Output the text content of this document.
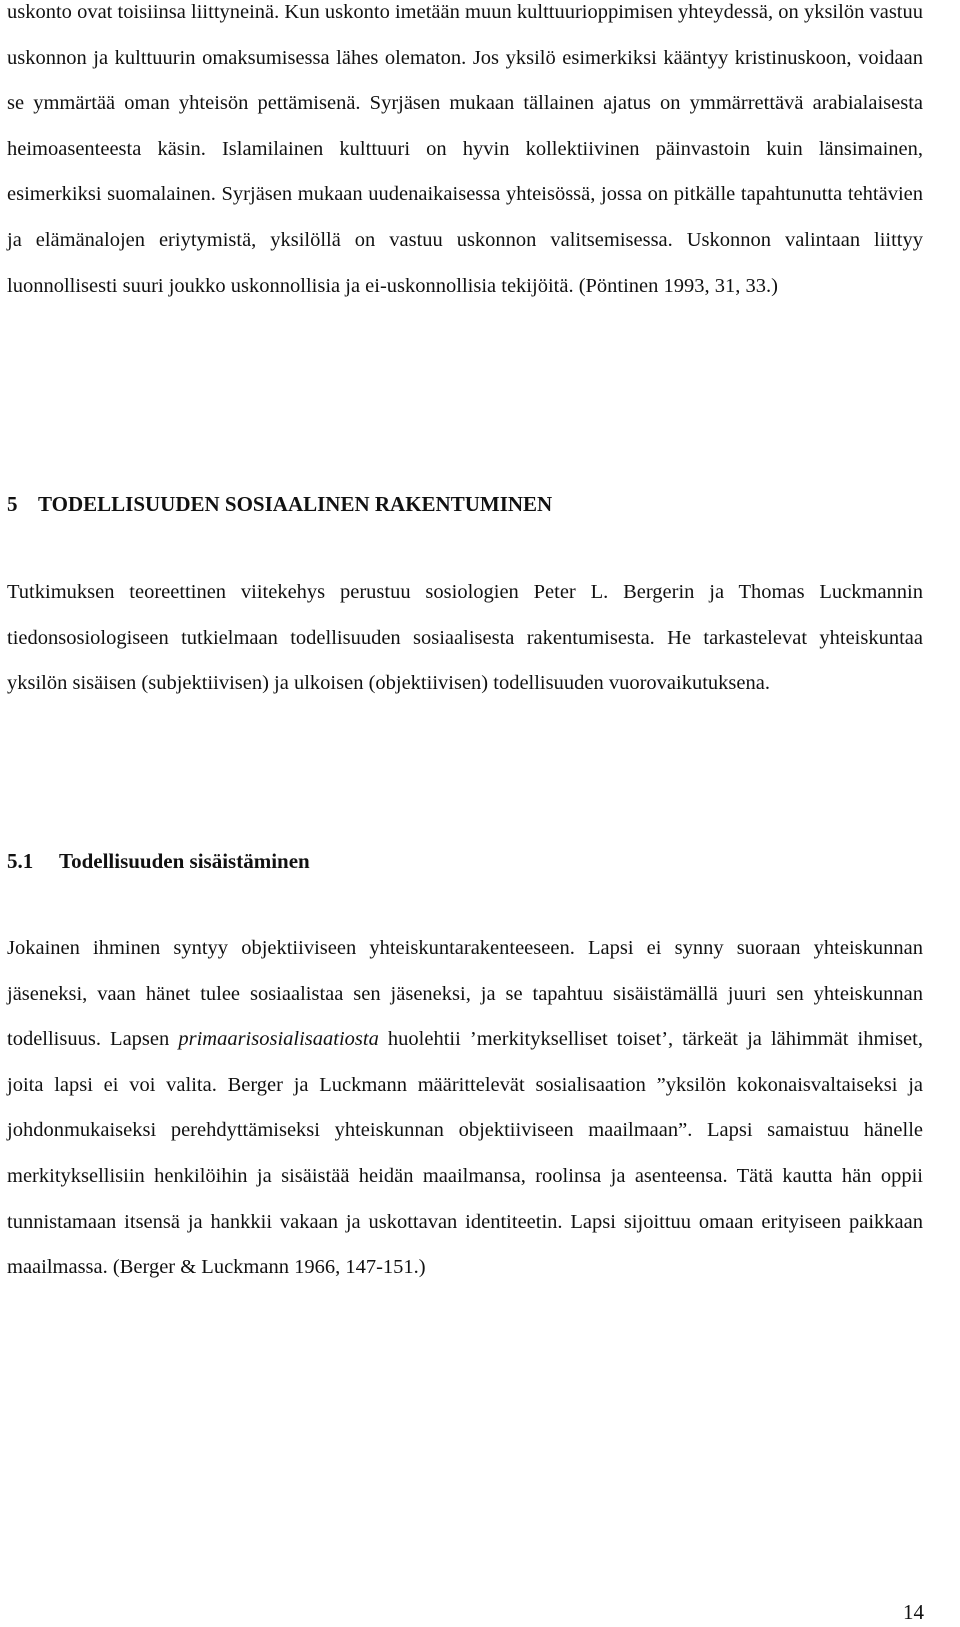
uskonto ovat toisiinsa liittyneinä. Kun uskonto imetään muun kulttuurioppimisen yhteydessä, on yksilön vastuu uskonnon ja kulttuurin omaksumisessa lähes olematon. Jos yksilö esimerkiksi kääntyy kristinuskoon, voidaan se ymmärtää oman yhteisön pettämisenä. Syrjäsen mukaan tällainen ajatus on ymmärrettävä arabialaisesta heimoasenteesta käsin. Islamilainen kulttuuri on hyvin kollektiivinen päinvastoin kuin länsimainen, esimerkiksi suomalainen. Syrjäsen mukaan uudenaikaisessa yhteisössä, jossa on pitkälle tapahtunutta tehtävien ja elämänalojen eriytymistä, yksilöllä on vastuu uskonnon valitsemisessa. Uskonnon valintaan liittyy luonnollisesti suuri joukko uskonnollisia ja ei-uskonnollisia tekijöitä. (Pöntinen 1993, 31, 33.)

5 TODELLISUUDEN SOSIAALINEN RAKENTUMINEN

Tutkimuksen teoreettinen viitekehys perustuu sosiologien Peter L. Bergerin ja Thomas Luckmannin tiedonsosiologiseen tutkielmaan todellisuuden sosiaalisesta rakentumisesta. He tarkastelevat yhteiskuntaa yksilön sisäisen (subjektiivisen) ja ulkoisen (objektiivisen) todellisuuden vuorovaikutuksena.

5.1 Todellisuuden sisäistäminen

Jokainen ihminen syntyy objektiiviseen yhteiskuntarakenteeseen. Lapsi ei synny suoraan yhteiskunnan jäseneksi, vaan hänet tulee sosiaalistaa sen jäseneksi, ja se tapahtuu sisäistämällä juuri sen yhteiskunnan todellisuus. Lapsen primaarisosialisaatiosta huolehtii ’merkitykselliset toiset’, tärkeät ja lähimmät ihmiset, joita lapsi ei voi valita. Berger ja Luckmann määrittelevät sosialisaation ”yksilön kokonaisvaltaiseksi ja johdonmukaiseksi perehdyttämiseksi yhteiskunnan objektiiviseen maailmaan”. Lapsi samaistuu hänelle merkityksellisiin henkilöihin ja sisäistää heidän maailmansa, roolinsa ja asenteensa. Tätä kautta hän oppii tunnistamaan itsensä ja hankkii vakaan ja uskottavan identiteetin. Lapsi sijoittuu omaan erityiseen paikkaan maailmassa. (Berger & Luckmann 1966, 147-151.)

14
